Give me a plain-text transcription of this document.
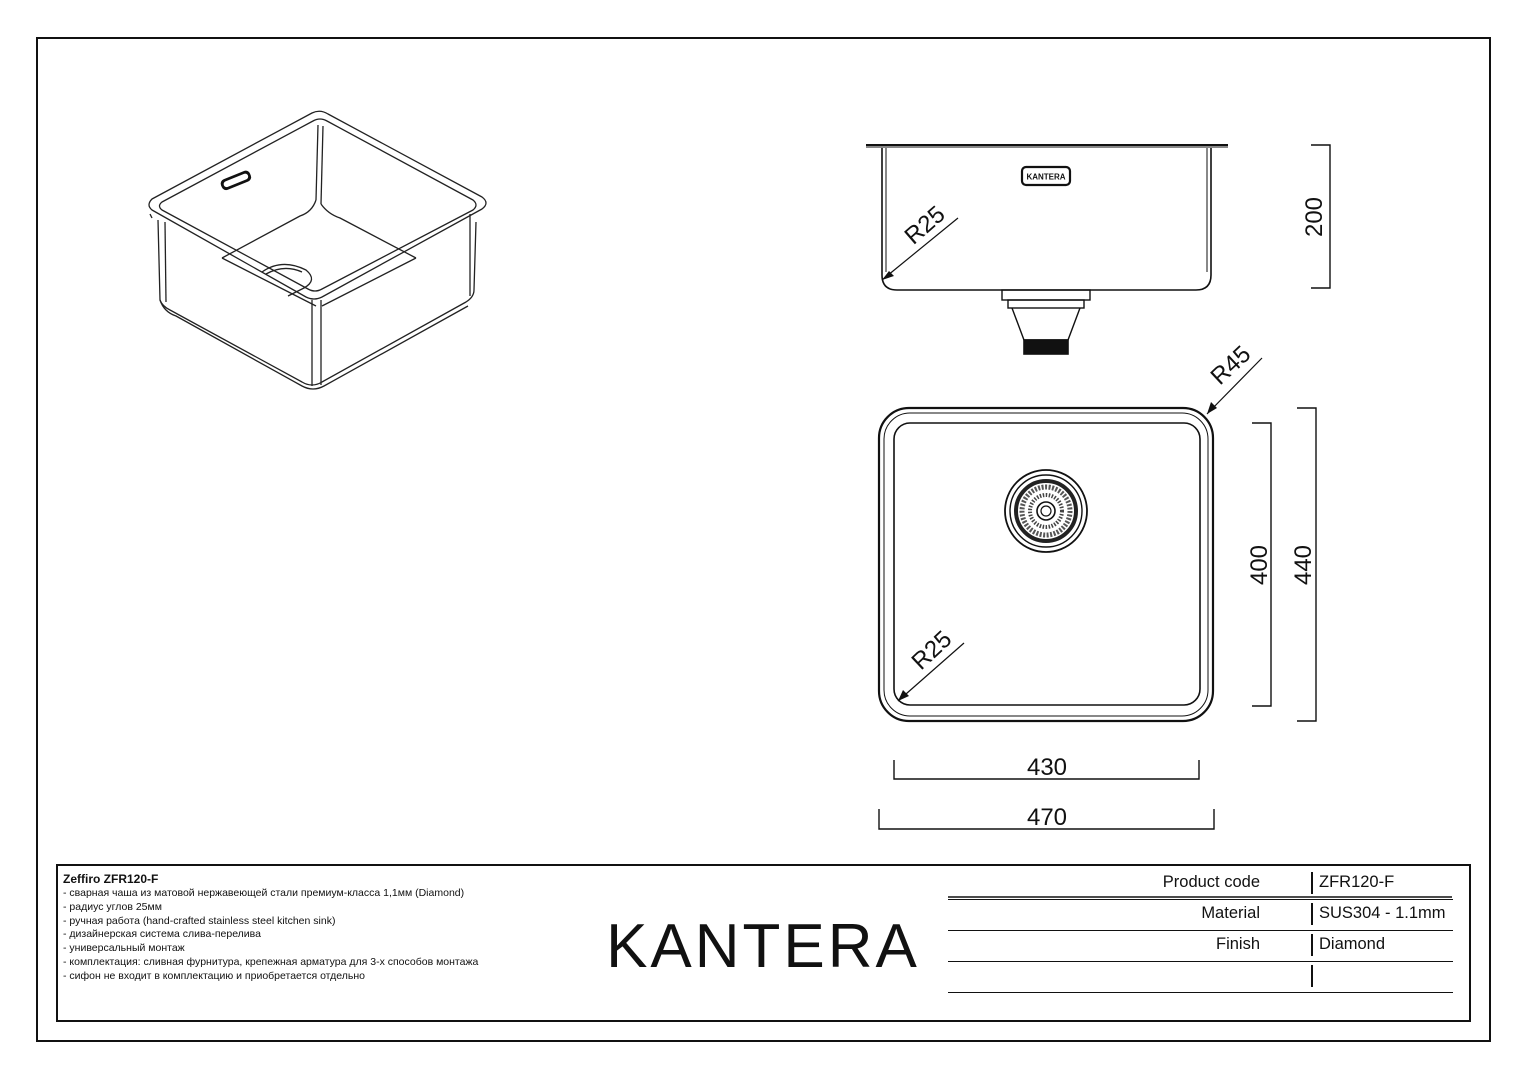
KANTERA
R25	200
R45
R25
400 440
430
470
KANTERA
Zeffiro ZFR120-F
- сварная чаша из матовой нержавеющей стали премиум-класса 1,1мм (Diamond)
- радиус углов 25мм
- ручная работа (hand-crafted stainless steel kitchen sink)
- дизайнерская система слива-перелива
- универсальный монтаж
- комплектация: сливная фурнитура, крепежная арматура для 3-х способов монтажа
- сифон не входит в комплектацию и приобретается отдельно
Product code	ZFR120-F
Material	SUS304 - 1.1mm
Finish	Diamond
